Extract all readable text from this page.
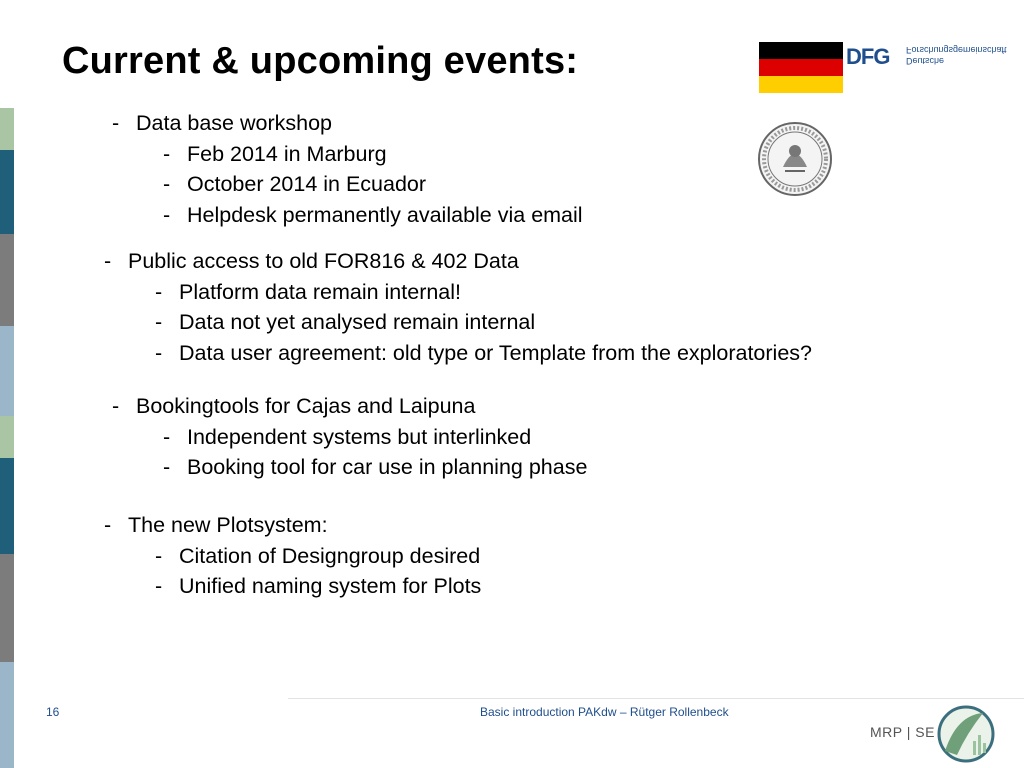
Current & upcoming events:	DFG Deutsche
Forschungsgemeinschaft
- Data base workshop
- Feb 2014 in Marburg
- October 2014 in Ecuador
- Helpdesk permanently available via email
- Public access to old FOR816 & 402 Data
- Platform data remain internal!
- Data not yet analysed remain internal
- Data user agreement: old type or Template from the exploratories?
- Bookingtools for Cajas and Laipuna
- Independent systems but interlinked
- Booking tool for car use in planning phase
- The new Plotsystem:
- Citation of Designgroup desired
- Unified naming system for Plots
16	Basic introduction PAKdw – Rütger Rollenbeck
MRP | SE
